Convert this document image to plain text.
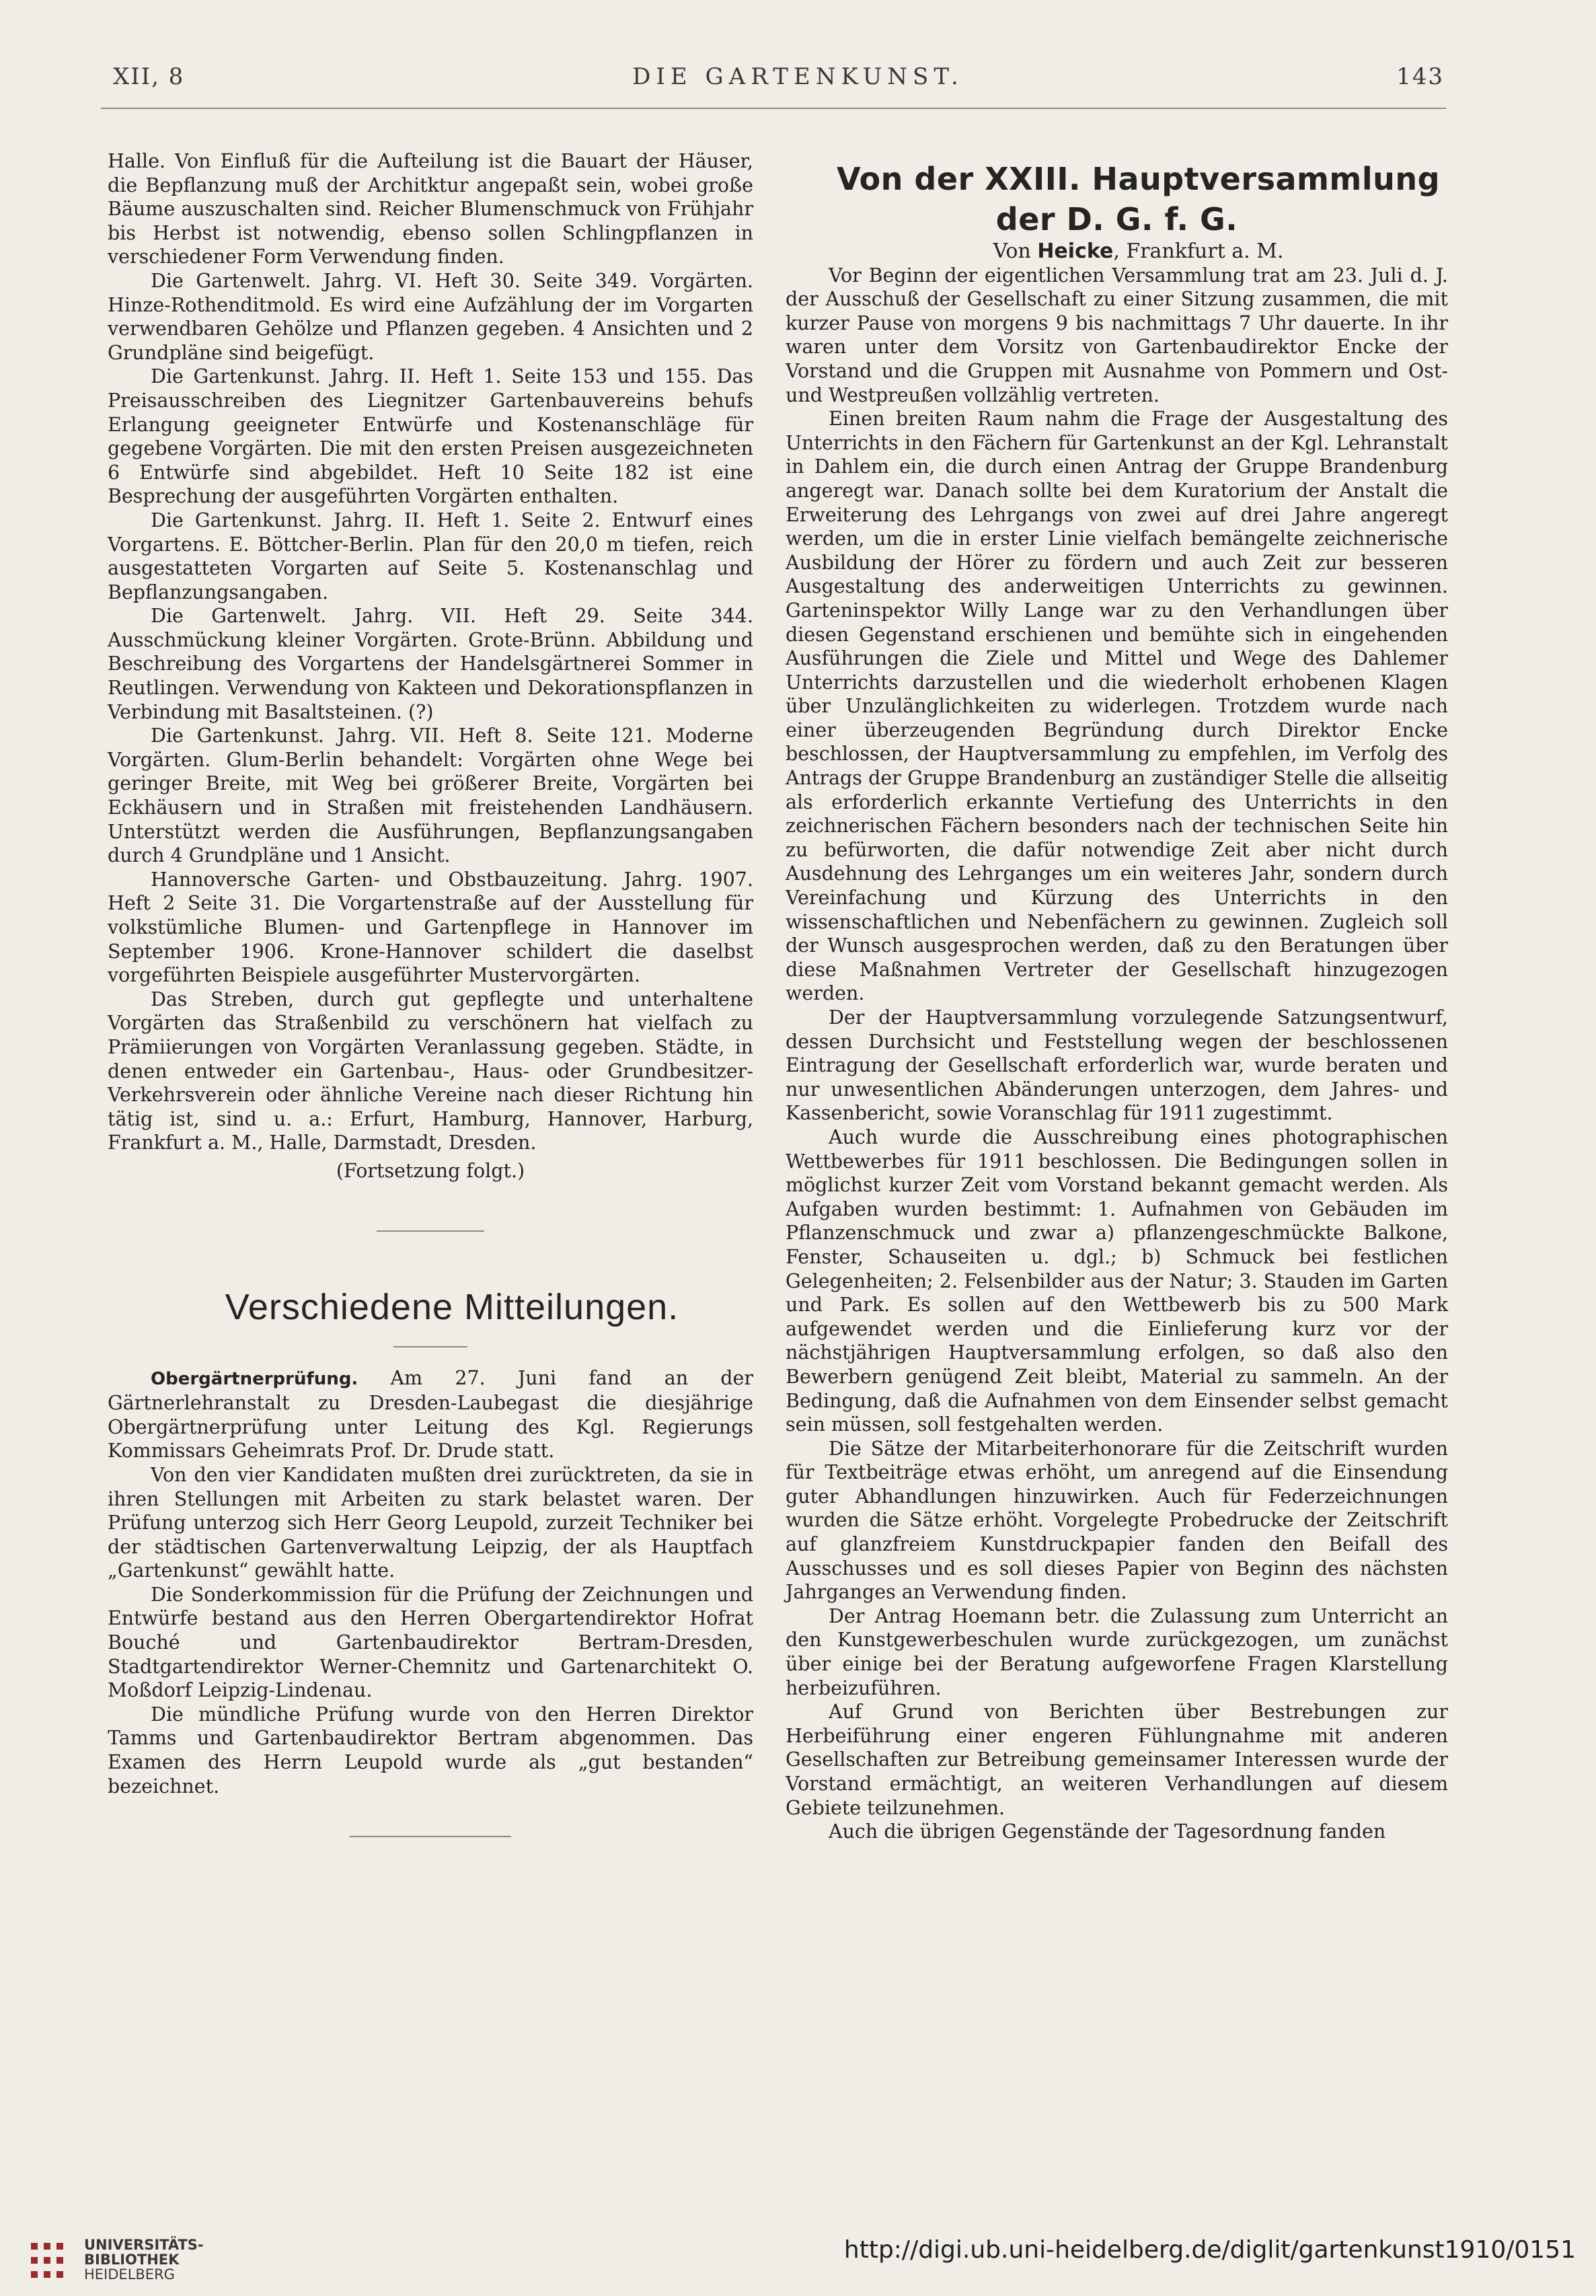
XII, 8	DIE GARTENKUNST.	143

Halle. Von Einfluß für die Aufteilung ist die Bauart der Häuser, die Bepflanzung muß der Architktur angepaßt sein, wobei große Bäume auszuschalten sind. Reicher Blumenschmuck von Frühjahr bis Herbst ist notwendig, ebenso sollen Schlingpflanzen in verschiedener Form Verwendung finden.

Die Gartenwelt. Jahrg. VI. Heft 30. Seite 349. Vorgärten. Hinze-Rothenditmold. Es wird eine Aufzählung der im Vorgarten verwendbaren Gehölze und Pflanzen gegeben. 4 Ansichten und 2 Grundpläne sind beigefügt.

Die Gartenkunst. Jahrg. II. Heft 1. Seite 153 und 155. Das Preisausschreiben des Liegnitzer Gartenbauvereins behufs Erlangung geeigneter Entwürfe und Kostenanschläge für gegebene Vorgärten. Die mit den ersten Preisen ausgezeichneten 6 Entwürfe sind abgebildet. Heft 10 Seite 182 ist eine Besprechung der ausgeführten Vorgärten enthalten.

Die Gartenkunst. Jahrg. II. Heft 1. Seite 2. Entwurf eines Vorgartens. E. Böttcher-Berlin. Plan für den 20,0 m tiefen, reich ausgestatteten Vorgarten auf Seite 5. Kostenanschlag und Bepflanzungsangaben.

Die Gartenwelt. Jahrg. VII. Heft 29. Seite 344. Ausschmückung kleiner Vorgärten. Grote-Brünn. Abbildung und Beschreibung des Vorgartens der Handelsgärtnerei Sommer in Reutlingen. Verwendung von Kakteen und Dekorationspflanzen in Verbindung mit Basaltsteinen. (?)

Die Gartenkunst. Jahrg. VII. Heft 8. Seite 121. Moderne Vorgärten. Glum-Berlin behandelt: Vorgärten ohne Wege bei geringer Breite, mit Weg bei größerer Breite, Vorgärten bei Eckhäusern und in Straßen mit freistehenden Landhäusern. Unterstützt werden die Ausführungen, Bepflanzungsangaben durch 4 Grundpläne und 1 Ansicht.

Hannoversche Garten- und Obstbauzeitung. Jahrg. 1907. Heft 2 Seite 31. Die Vorgartenstraße auf der Ausstellung für volkstümliche Blumen- und Gartenpflege in Hannover im September 1906. Krone-Hannover schildert die daselbst vorgeführten Beispiele ausgeführter Mustervorgärten.

Das Streben, durch gut gepflegte und unterhaltene Vorgärten das Straßenbild zu verschönern hat vielfach zu Prämiierungen von Vorgärten Veranlassung gegeben. Städte, in denen entweder ein Gartenbau-, Haus- oder Grundbesitzer-Verkehrsverein oder ähnliche Vereine nach dieser Richtung hin tätig ist, sind u. a.: Erfurt, Hamburg, Hannover, Harburg, Frankfurt a. M., Halle, Darmstadt, Dresden.

(Fortsetzung folgt.)

Verschiedene Mitteilungen.

Obergärtnerprüfung. Am 27. Juni fand an der Gärtnerlehranstalt zu Dresden-Laubegast die diesjährige Obergärtnerprüfung unter Leitung des Kgl. Regierungs Kommissars Geheimrats Prof. Dr. Drude statt.

Von den vier Kandidaten mußten drei zurücktreten, da sie in ihren Stellungen mit Arbeiten zu stark belastet waren. Der Prüfung unterzog sich Herr Georg Leupold, zurzeit Techniker bei der städtischen Gartenverwaltung Leipzig, der als Hauptfach „Gartenkunst“ gewählt hatte.

Die Sonderkommission für die Prüfung der Zeichnungen und Entwürfe bestand aus den Herren Obergartendirektor Hofrat Bouché und Gartenbaudirektor Bertram-Dresden, Stadtgartendirektor Werner-Chemnitz und Gartenarchitekt O. Moßdorf Leipzig-Lindenau.

Die mündliche Prüfung wurde von den Herren Direktor Tamms und Gartenbaudirektor Bertram abgenommen. Das Examen des Herrn Leupold wurde als „gut bestanden“ bezeichnet.

Von der XXIII. Hauptversammlung der D. G. f. G.

Von Heicke, Frankfurt a. M.

Vor Beginn der eigentlichen Versammlung trat am 23. Juli d. J. der Ausschuß der Gesellschaft zu einer Sitzung zusammen, die mit kurzer Pause von morgens 9 bis nachmittags 7 Uhr dauerte. In ihr waren unter dem Vorsitz von Gartenbaudirektor Encke der Vorstand und die Gruppen mit Ausnahme von Pommern und Ost- und Westpreußen vollzählig vertreten.

Einen breiten Raum nahm die Frage der Ausgestaltung des Unterrichts in den Fächern für Gartenkunst an der Kgl. Lehranstalt in Dahlem ein, die durch einen Antrag der Gruppe Brandenburg angeregt war. Danach sollte bei dem Kuratorium der Anstalt die Erweiterung des Lehrgangs von zwei auf drei Jahre angeregt werden, um die in erster Linie vielfach bemängelte zeichnerische Ausbildung der Hörer zu fördern und auch Zeit zur besseren Ausgestaltung des anderweitigen Unterrichts zu gewinnen. Garteninspektor Willy Lange war zu den Verhandlungen über diesen Gegenstand erschienen und bemühte sich in eingehenden Ausführungen die Ziele und Mittel und Wege des Dahlemer Unterrichts darzustellen und die wiederholt erhobenen Klagen über Unzulänglichkeiten zu widerlegen. Trotzdem wurde nach einer überzeugenden Begründung durch Direktor Encke beschlossen, der Hauptversammlung zu empfehlen, im Verfolg des Antrags der Gruppe Brandenburg an zuständiger Stelle die allseitig als erforderlich erkannte Vertiefung des Unterrichts in den zeichnerischen Fächern besonders nach der technischen Seite hin zu befürworten, die dafür notwendige Zeit aber nicht durch Ausdehnung des Lehrganges um ein weiteres Jahr, sondern durch Vereinfachung und Kürzung des Unterrichts in den wissenschaftlichen und Nebenfächern zu gewinnen. Zugleich soll der Wunsch ausgesprochen werden, daß zu den Beratungen über diese Maßnahmen Vertreter der Gesellschaft hinzugezogen werden.

Der der Hauptversammlung vorzulegende Satzungsentwurf, dessen Durchsicht und Feststellung wegen der beschlossenen Eintragung der Gesellschaft erforderlich war, wurde beraten und nur unwesentlichen Abänderungen unterzogen, dem Jahres- und Kassenbericht, sowie Voranschlag für 1911 zugestimmt.

Auch wurde die Ausschreibung eines photographischen Wettbewerbes für 1911 beschlossen. Die Bedingungen sollen in möglichst kurzer Zeit vom Vorstand bekannt gemacht werden. Als Aufgaben wurden bestimmt: 1. Aufnahmen von Gebäuden im Pflanzenschmuck und zwar a) pflanzengeschmückte Balkone, Fenster, Schauseiten u. dgl.; b) Schmuck bei festlichen Gelegenheiten; 2. Felsenbilder aus der Natur; 3. Stauden im Garten und Park. Es sollen auf den Wettbewerb bis zu 500 Mark aufgewendet werden und die Einlieferung kurz vor der nächstjährigen Hauptversammlung erfolgen, so daß also den Bewerbern genügend Zeit bleibt, Material zu sammeln. An der Bedingung, daß die Aufnahmen von dem Einsender selbst gemacht sein müssen, soll festgehalten werden.

Die Sätze der Mitarbeiterhonorare für die Zeitschrift wurden für Textbeiträge etwas erhöht, um anregend auf die Einsendung guter Abhandlungen hinzuwirken. Auch für Federzeichnungen wurden die Sätze erhöht. Vorgelegte Probedrucke der Zeitschrift auf glanzfreiem Kunstdruckpapier fanden den Beifall des Ausschusses und es soll dieses Papier von Beginn des nächsten Jahrganges an Verwendung finden.

Der Antrag Hoemann betr. die Zulassung zum Unterricht an den Kunstgewerbeschulen wurde zurückgezogen, um zunächst über einige bei der Beratung aufgeworfene Fragen Klarstellung herbeizuführen.

Auf Grund von Berichten über Bestrebungen zur Herbeiführung einer engeren Fühlungnahme mit anderen Gesellschaften zur Betreibung gemeinsamer Interessen wurde der Vorstand ermächtigt, an weiteren Verhandlungen auf diesem Gebiete teilzunehmen.

Auch die übrigen Gegenstände der Tagesordnung fanden

UNIVERSITÄTS-
BIBLIOTHEK
HEIDELBERG
http://digi.ub.uni-heidelberg.de/diglit/gartenkunst1910/0151
